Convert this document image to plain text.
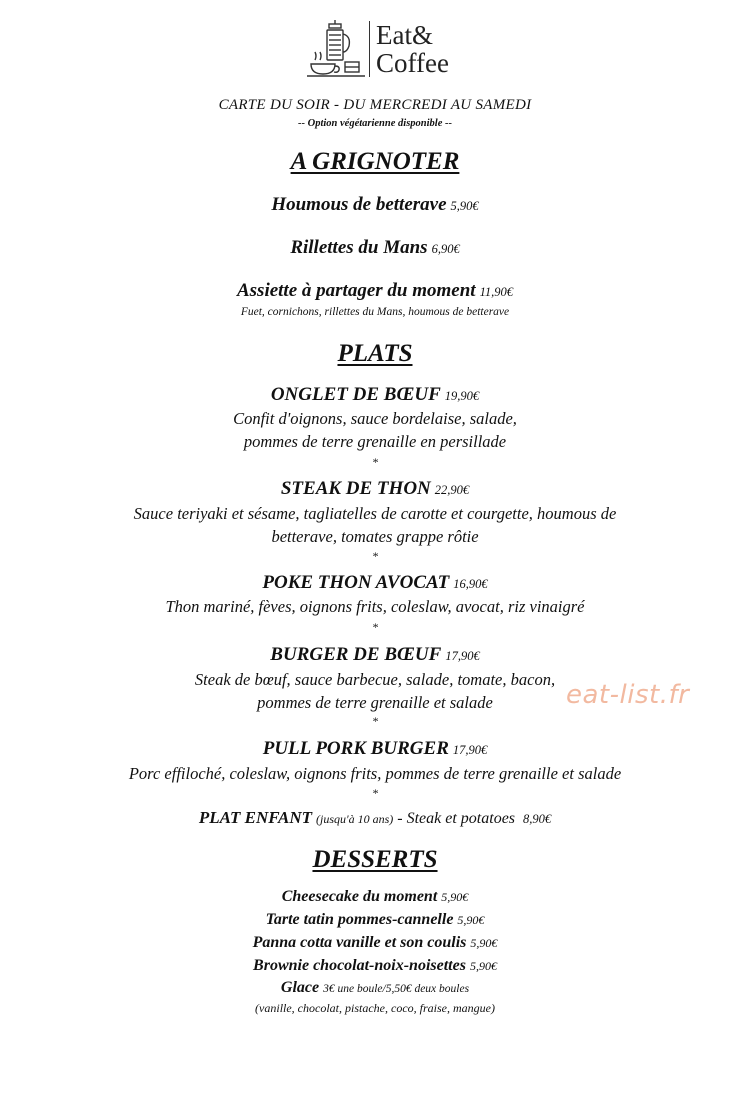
Eat&
Coffee
CARTE DU SOIR - DU MERCREDI AU SAMEDI
-- Option végétarienne disponible --
A GRIGNOTER
Houmous de betterave 5,90€
Rillettes du Mans 6,90€
Assiette à partager du moment 11,90€
Fuet, cornichons, rillettes du Mans, houmous de betterave
PLATS
ONGLET DE BŒUF 19,90€
Confit d'oignons, sauce bordelaise, salade,
pommes de terre grenaille en persillade
*
STEAK DE THON 22,90€
Sauce teriyaki et sésame, tagliatelles de carotte et courgette, houmous de
betterave, tomates grappe rôtie
*
POKE THON AVOCAT 16,90€
Thon mariné, fèves, oignons frits, coleslaw, avocat, riz vinaigré
*
BURGER DE BŒUF 17,90€
Steak de bœuf, sauce barbecue, salade, tomate, bacon,
pommes de terre grenaille et salade
*
PULL PORK BURGER 17,90€
Porc effiloché, coleslaw, oignons frits, pommes de terre grenaille et salade
*
PLAT ENFANT (jusqu'à 10 ans) - Steak et potatoes 8,90€
DESSERTS
Cheesecake du moment 5,90€
Tarte tatin pommes-cannelle 5,90€
Panna cotta vanille et son coulis 5,90€
Brownie chocolat-noix-noisettes 5,90€
Glace 3€ une boule/5,50€ deux boules
(vanille, chocolat, pistache, coco, fraise, mangue)
eat-list.fr
